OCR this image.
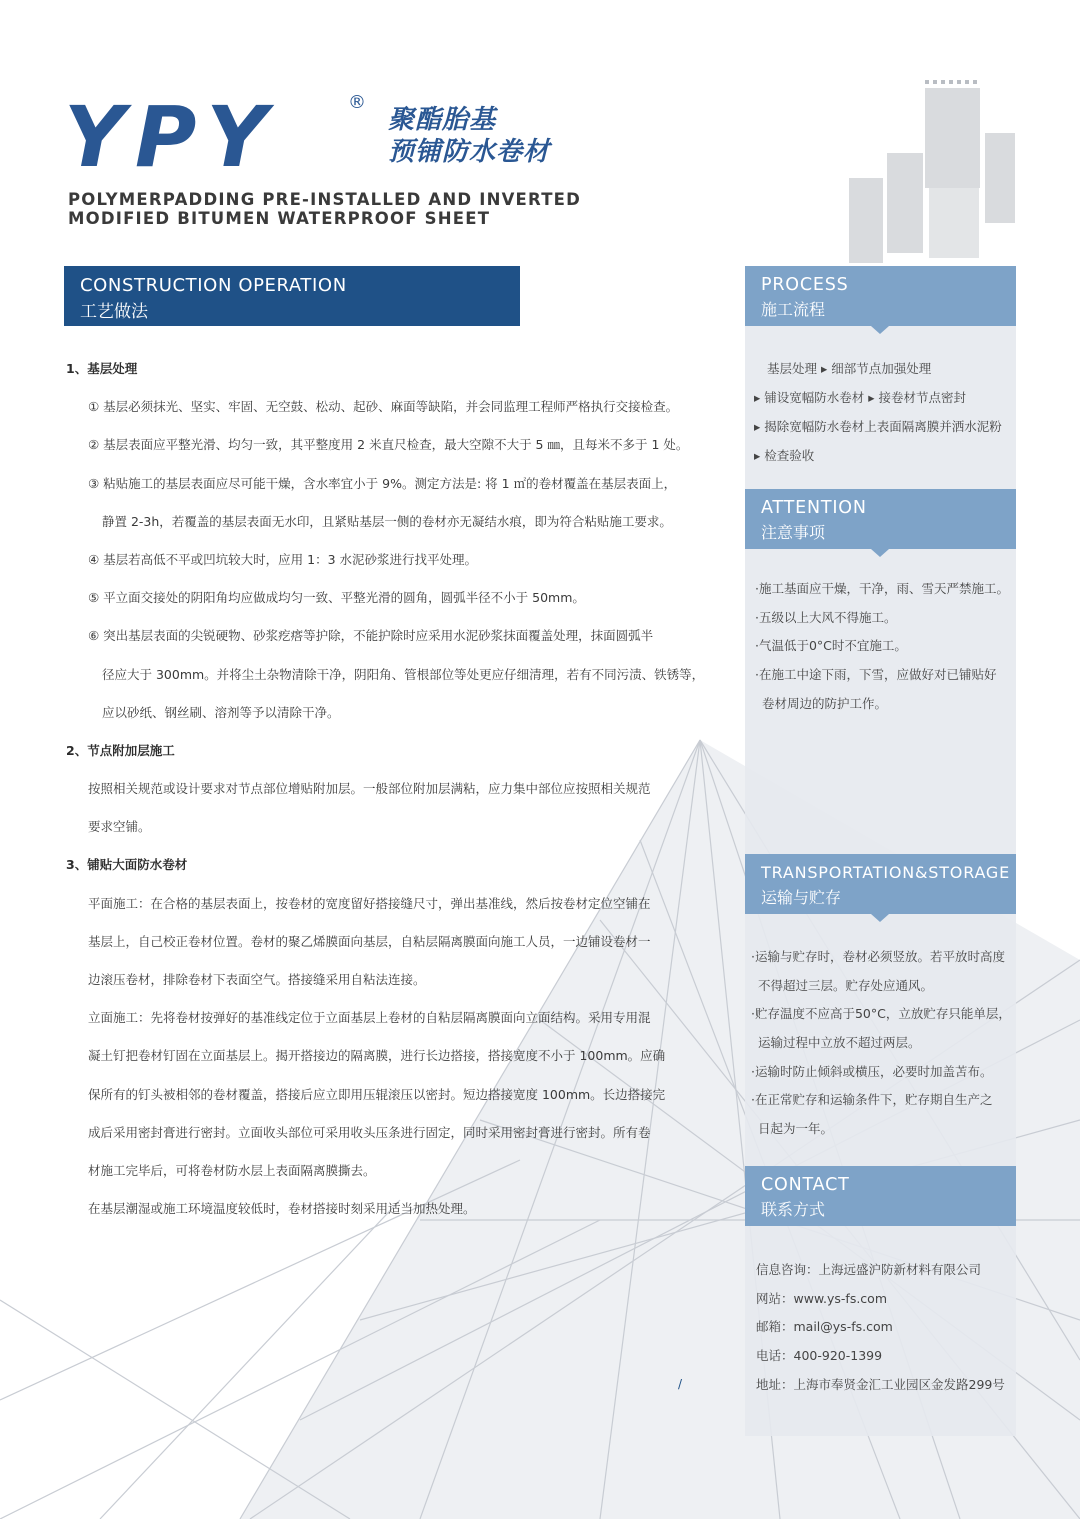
YPY	®
聚酯胎基
预铺防水卷材
POLYMERPADDING PRE-INSTALLED AND INVERTED
MODIFIED BITUMEN WATERPROOF SHEET
CONSTRUCTION OPERATION
工艺做法
1、基层处理
① 基层必须抹光、坚实、牢固、无空鼓、松动、起砂、麻面等缺陷，并会同监理工程师严格执行交接检查。
② 基层表面应平整光滑、均匀一致，其平整度用 2 米直尺检查，最大空隙不大于 5 ㎜，且每米不多于 1 处。
③ 粘贴施工的基层表面应尽可能干燥，含水率宜小于 9%。测定方法是: 将 1 ㎡的卷材覆盖在基层表面上，
静置 2-3h，若覆盖的基层表面无水印，且紧贴基层一侧的卷材亦无凝结水痕，即为符合粘贴施工要求。
④ 基层若高低不平或凹坑较大时，应用 1：3 水泥砂浆进行找平处理。
⑤ 平立面交接处的阴阳角均应做成均匀一致、平整光滑的圆角，圆弧半径不小于 50mm。
⑥ 突出基层表面的尖锐硬物、砂浆疙瘩等护除，不能护除时应采用水泥砂浆抹面覆盖处理，抹面圆弧半
径应大于 300mm。并将尘土杂物清除干净，阴阳角、管根部位等处更应仔细清理，若有不同污渍、铁锈等，
应以砂纸、钢丝刷、溶剂等予以清除干净。
2、节点附加层施工
按照相关规范或设计要求对节点部位增贴附加层。一般部位附加层满粘，应力集中部位应按照相关规范
要求空铺。
3、铺贴大面防水卷材
平面施工：在合格的基层表面上，按卷材的宽度留好搭接缝尺寸，弹出基准线，然后按卷材定位空铺在
基层上，自己校正卷材位置。卷材的聚乙烯膜面向基层，自粘层隔离膜面向施工人员，一边铺设卷材一
边滚压卷材，排除卷材下表面空气。搭接缝采用自粘法连接。
立面施工：先将卷材按弹好的基准线定位于立面基层上卷材的自粘层隔离膜面向立面结构。采用专用混
凝土钉把卷材钉固在立面基层上。揭开搭接边的隔离膜，进行长边搭接，搭接宽度不小于 100mm。应确
保所有的钉头被相邻的卷材覆盖，搭接后应立即用压辊滚压以密封。短边搭接宽度 100mm。长边搭接完
成后采用密封膏进行密封。立面收头部位可采用收头压条进行固定，同时采用密封膏进行密封。所有卷
材施工完毕后，可将卷材防水层上表面隔离膜撕去。
在基层潮湿或施工环境温度较低时，卷材搭接时刻采用适当加热处理。
PROCESS
施工流程
基层处理 ▸ 细部节点加强处理
▸ 铺设宽幅防水卷材 ▸ 接卷材节点密封
▸ 揭除宽幅防水卷材上表面隔离膜并洒水泥粉
▸ 检查验收
ATTENTION
注意事项
·施工基面应干燥，干净，雨、雪天严禁施工。
·五级以上大风不得施工。
·气温低于0°C时不宜施工。
·在施工中途下雨，下雪，应做好对已铺贴好
卷材周边的防护工作。
TRANSPORTATION&STORAGE
运输与贮存
·运输与贮存时，卷材必须竖放。若平放时高度
不得超过三层。贮存处应通风。
·贮存温度不应高于50°C，立放贮存只能单层，
运输过程中立放不超过两层。
·运输时防止倾斜或横压，必要时加盖苫布。
·在正常贮存和运输条件下，贮存期自生产之
日起为一年。
CONTACT
联系方式
信息咨询：上海远盛沪防新材料有限公司
网站：www.ys-fs.com
邮箱：mail@ys-fs.com
电话：400-920-1399
地址：上海市奉贤金汇工业园区金发路299号
/
